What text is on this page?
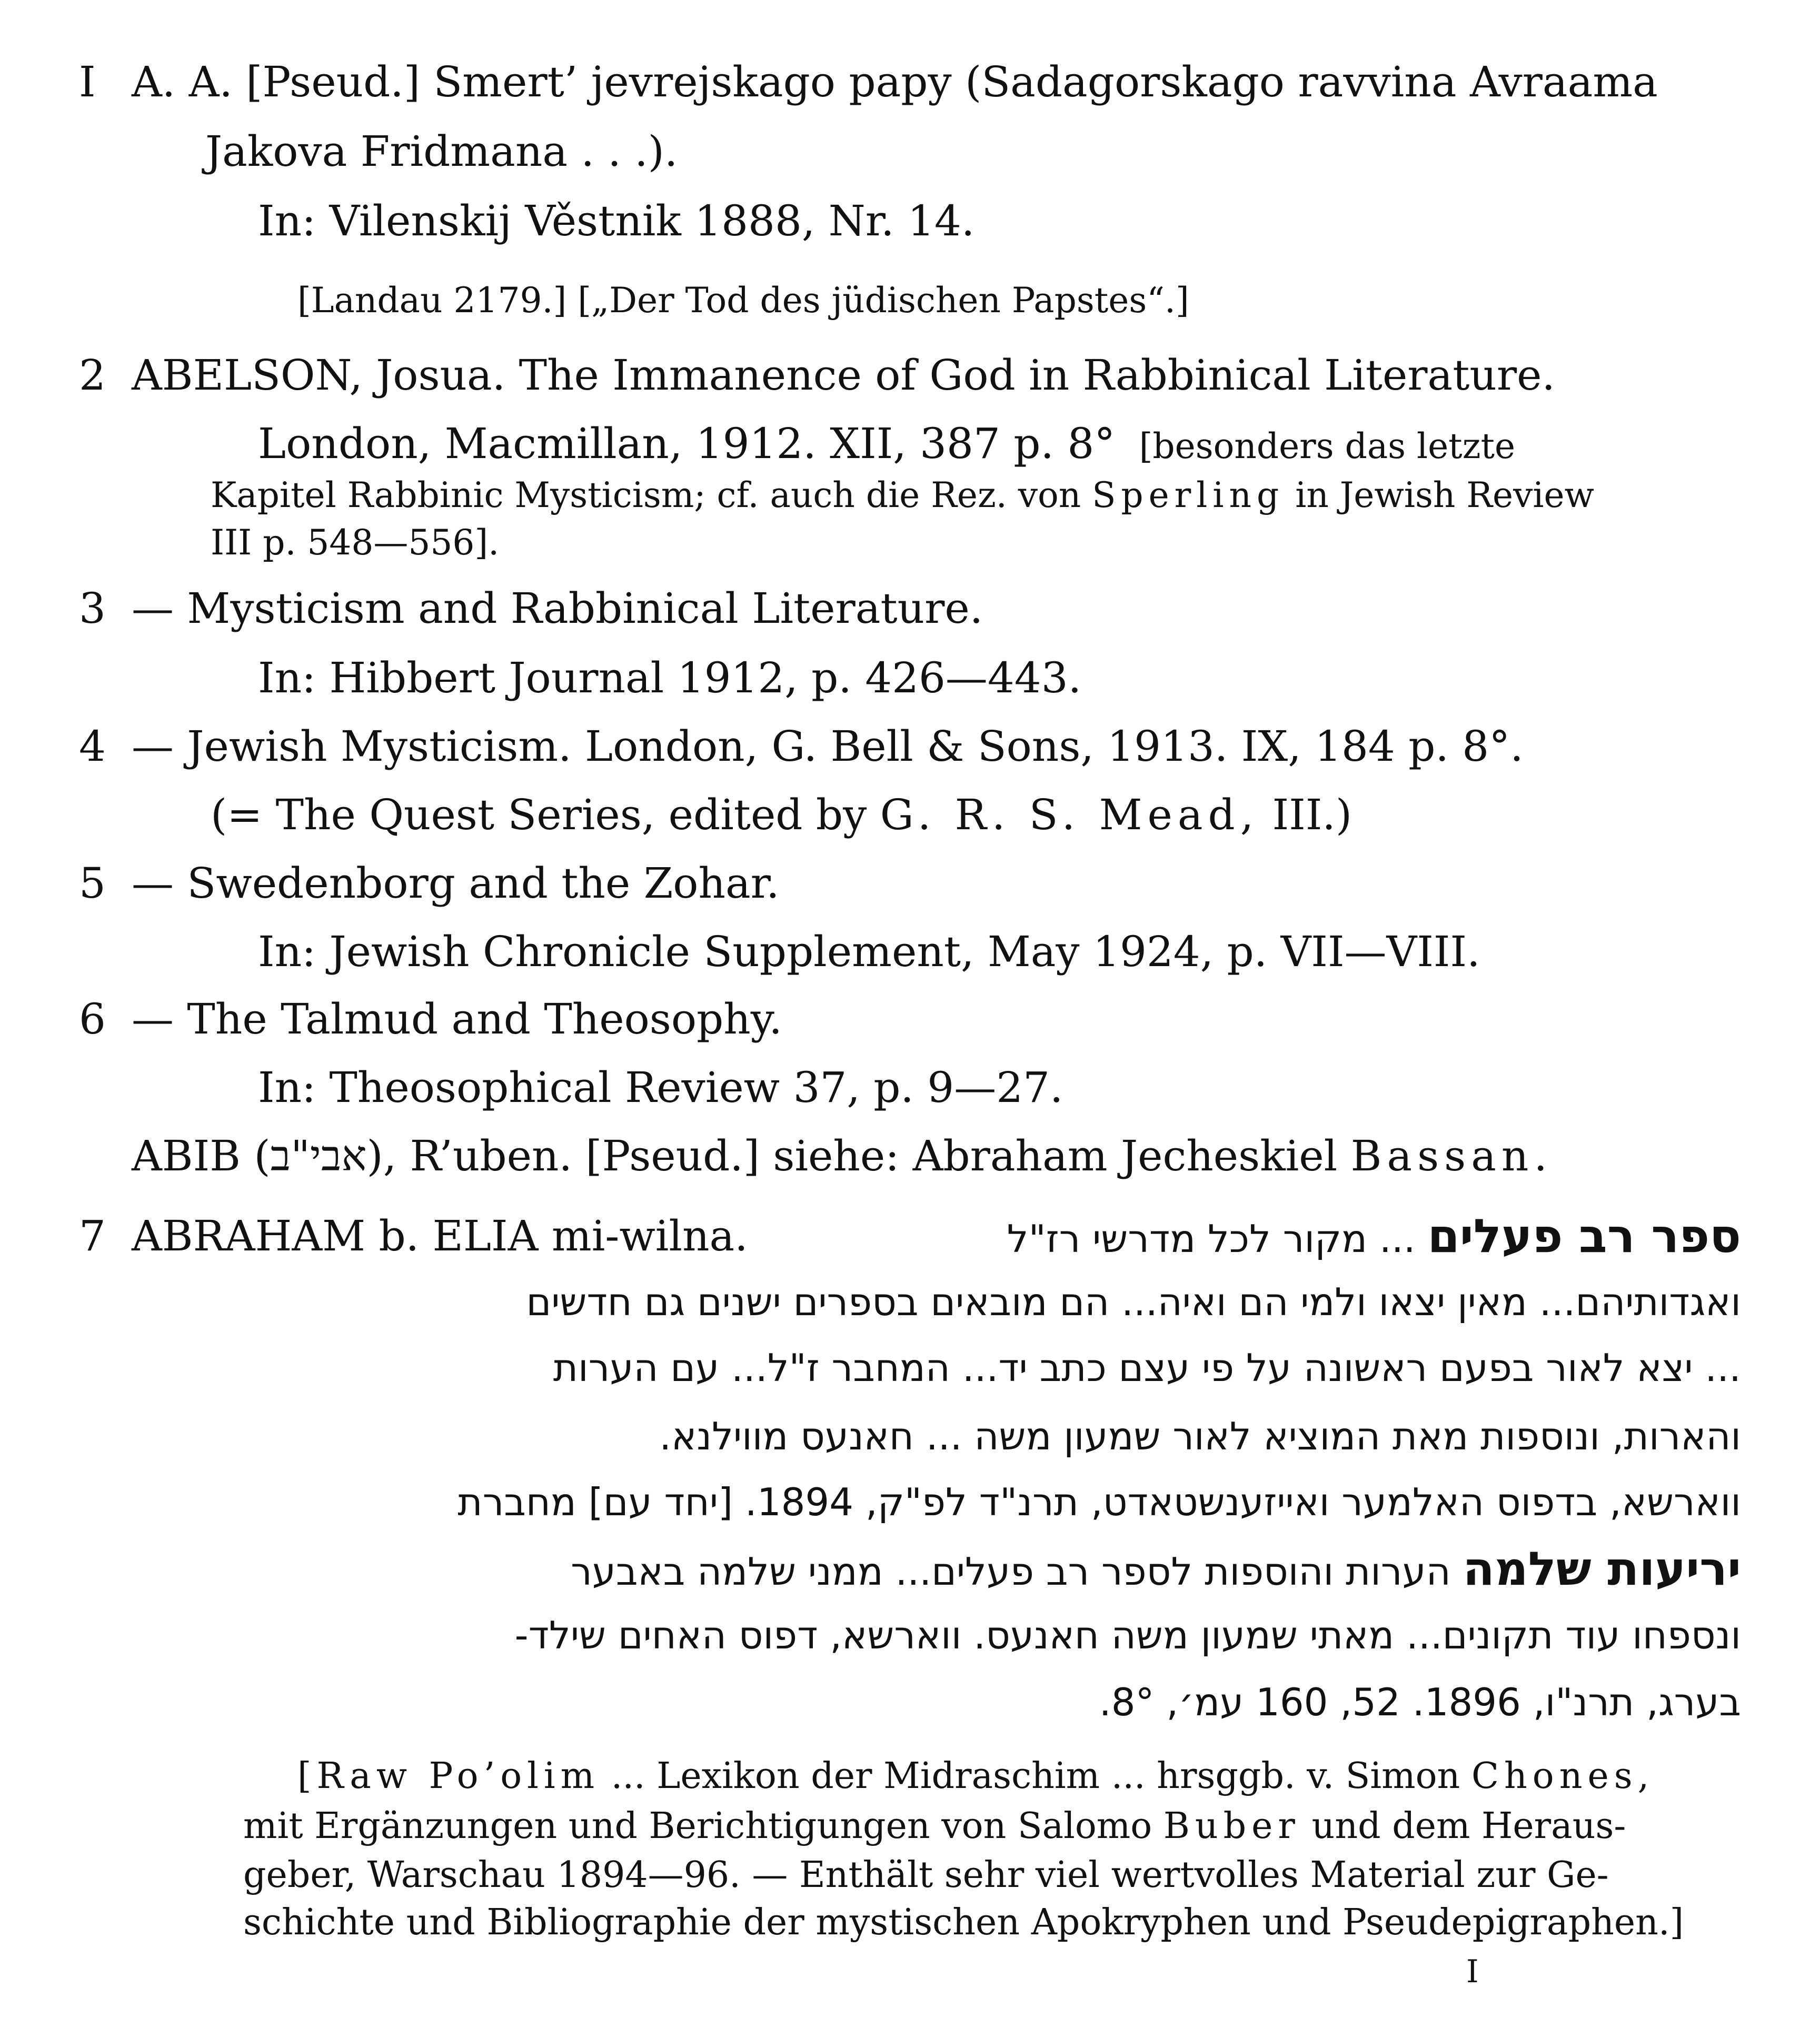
I A. A. [Pseud.] Smert’ jevrejskago papy (Sadagorskago ravvina Avraama
Jakova Fridmana . . .).
In: Vilenskij Věstnik 1888, Nr. 14.
[Landau 2179.] [„Der Tod des jüdischen Papstes“.]
2 ABELSON, Josua. The Immanence of God in Rabbinical Literature.
London, Macmillan, 1912. XII, 387 p. 8° [besonders das letzte
Kapitel Rabbinic Mysticism; cf. auch die Rez. von Sperling in Jewish Review
III p. 548—556].
3 — Mysticism and Rabbinical Literature.
In: Hibbert Journal 1912, p. 426—443.
4 — Jewish Mysticism. London, G. Bell & Sons, 1913. IX, 184 p. 8°.
(= The Quest Series, edited by G. R. S. Mead, III.)
5 — Swedenborg and the Zohar.
In: Jewish Chronicle Supplement, May 1924, p. VII—VIII.
6 — The Talmud and Theosophy.
In: Theosophical Review 37, p. 9—27.
ABIB (אבי"ב), R’uben. [Pseud.] siehe: Abraham Jecheskiel Bassan.
7 ABRAHAM b. ELIA mi-wilna.	ספר רב פעלים ... מקור לכל מדרשי רז"ל
ואגדותיהם... מאין יצאו ולמי הם ואיה... הם מובאים בספרים ישנים גם חדשים
... יצא לאור בפעם ראשונה על פי עצם כתב יד... המחבר ז"ל... עם הערות
והארות, ונוספות מאת המוציא לאור שמעון משה ... חאנעס מווילנא.
ווארשא, בדפוס האלמער ואייזענשטאדט, תרנ"ד לפ"ק, 1894. [יחד עם] מחברת
יריעות שלמה הערות והוספות לספר רב פעלים... ממני שלמה באבער
ונספחו עוד תקונים... מאתי שמעון משה חאנעס. ווארשא, דפוס האחים שילד-
בערג, תרנ"ו, 1896. 52, 160 עמ׳, 8°.
[Raw Po’olim ... Lexikon der Midraschim ... hrsggb. v. Simon Chones,
mit Ergänzungen und Berichtigungen von Salomo Buber und dem Heraus-
geber, Warschau 1894—96. — Enthält sehr viel wertvolles Material zur Ge-
schichte und Bibliographie der mystischen Apokryphen und Pseudepigraphen.]
I
